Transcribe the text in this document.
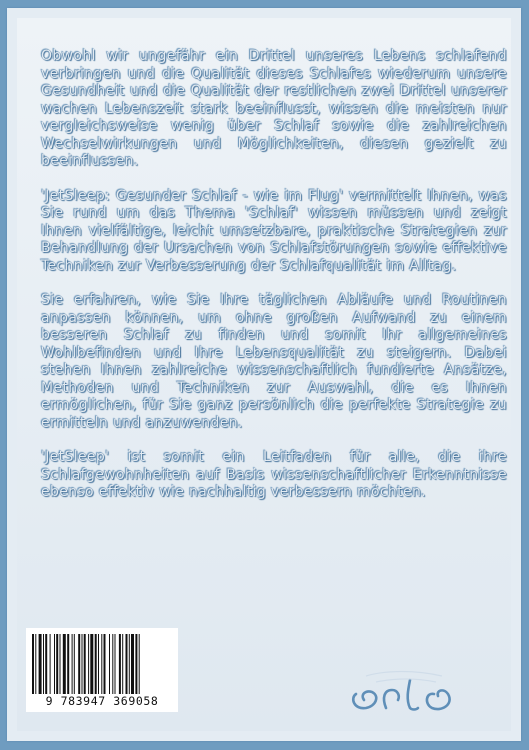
Obwohl wir ungefähr ein Drittel unseres Lebens schlafend verbringen und die Qualität dieses Schlafes wiederum unsere Gesundheit und die Qualität der restlichen zwei Drittel unserer wachen Lebenszeit stark beeinflusst, wissen die meisten nur vergleichsweise wenig über Schlaf sowie die zahlreichen Wechselwirkungen und Möglichkeiten, diesen gezielt zu beeinflussen.

'JetSleep: Gesunder Schlaf - wie im Flug' vermittelt Ihnen, was Sie rund um das Thema 'Schlaf' wissen müssen und zeigt Ihnen vielfältige, leicht umsetzbare, praktische Strategien zur Behandlung der Ursachen von Schlafstörungen sowie effektive Techniken zur Verbesserung der Schlafqualität im Alltag.

Sie erfahren, wie Sie Ihre täglichen Abläufe und Routinen anpassen können, um ohne großen Aufwand zu einem besseren Schlaf zu finden und somit Ihr allgemeines Wohlbefinden und Ihre Lebensqualität zu steigern. Dabei stehen Ihnen zahlreiche wissenschaftlich fundierte Ansätze, Methoden und Techniken zur Auswahl, die es Ihnen ermöglichen, für Sie ganz persönlich die perfekte Strategie zu ermitteln und anzuwenden.

'JetSleep' ist somit ein Leitfaden für alle, die ihre Schlafgewohnheiten auf Basis wissenschaftlicher Erkenntnisse ebenso effektiv wie nachhaltig verbessern möchten.

9 783947 369058
